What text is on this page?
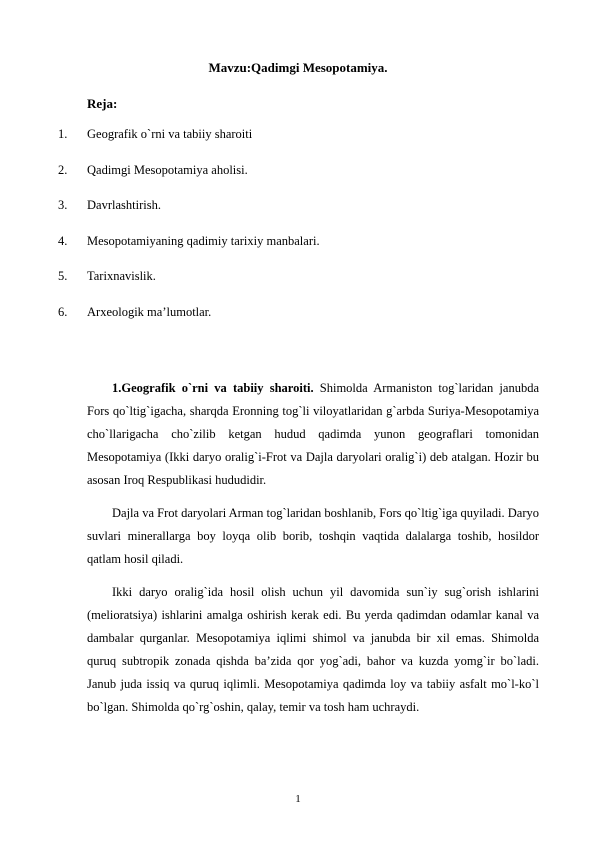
Mavzu:Qadimgi Mesopotamiya.

Reja:

1. Geografik o`rni va tabiiy sharoiti
2. Qadimgi Mesopotamiya aholisi.
3. Davrlashtirish.
4. Mesopotamiyaning qadimiy tarixiy manbalari.
5. Tarixnavislik.
6. Arxeologik ma’lumotlar.

1.Geografik o`rni va tabiiy sharoiti. Shimolda Armaniston tog`laridan janubda Fors qo`ltig`igacha, sharqda Eronning tog`li viloyatlaridan g`arbda Suriya-Mesopotamiya cho`llarigacha cho`zilib ketgan hudud qadimda yunon geograflari tomonidan Mesopotamiya (Ikki daryo oralig`i-Frot va Dajla daryolari oralig`i) deb atalgan. Hozir bu asosan Iroq Respublikasi hududidir.

Dajla va Frot daryolari Arman tog`laridan boshlanib, Fors qo`ltig`iga quyiladi. Daryo suvlari minerallarga boy loyqa olib borib, toshqin vaqtida dalalarga toshib, hosildor qatlam hosil qiladi.

Ikki daryo oralig`ida hosil olish uchun yil davomida sun`iy sug`orish ishlarini (melioratsiya) ishlarini amalga oshirish kerak edi. Bu yerda qadimdan odamlar kanal va dambalar qurganlar. Mesopotamiya iqlimi shimol va janubda bir xil emas. Shimolda quruq subtropik zonada qishda ba’zida qor yog`adi, bahor va kuzda yomg`ir bo`ladi. Janub juda issiq va quruq iqlimli. Mesopotamiya qadimda loy va tabiiy asfalt mo`l-ko`l bo`lgan. Shimolda qo`rg`oshin, qalay, temir va tosh ham uchraydi.

1
